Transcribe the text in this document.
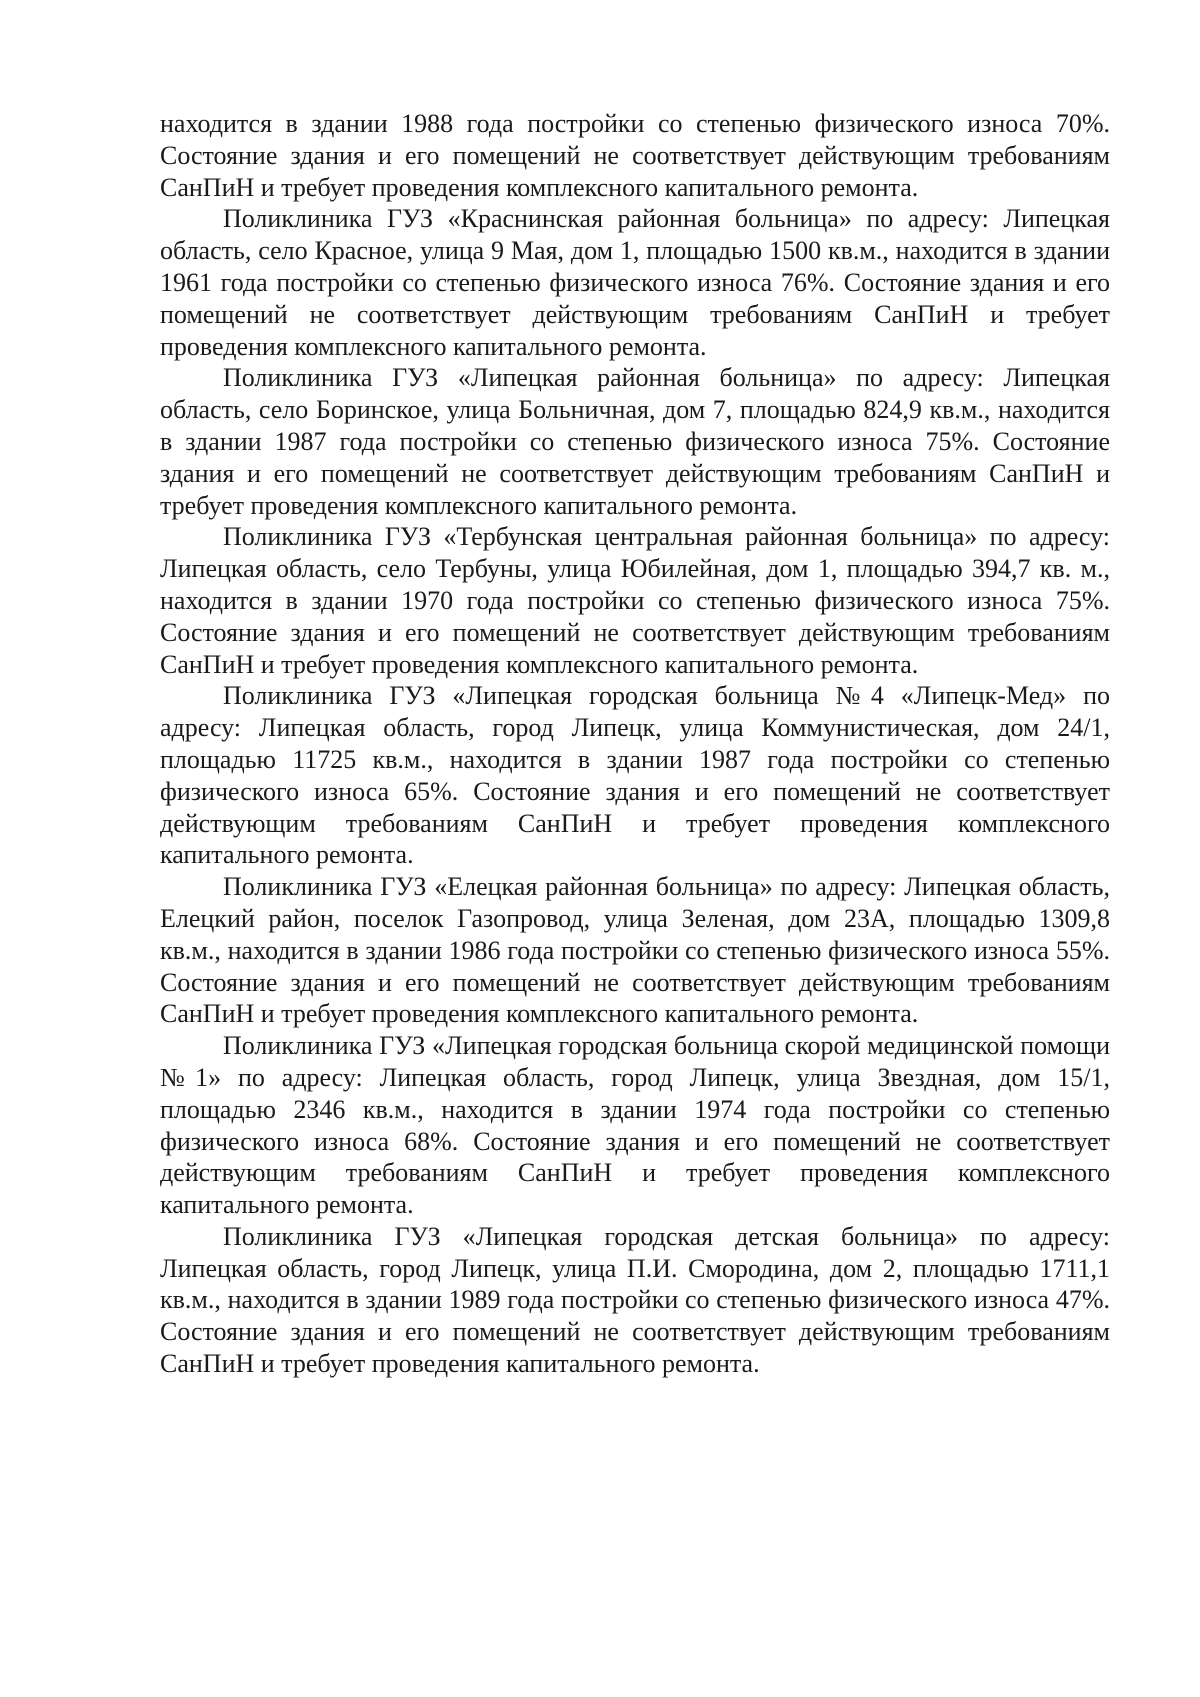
находится в здании 1988 года постройки со степенью физического износа 70%. Состояние здания и его помещений не соответствует действующим требованиям СанПиН и требует проведения комплексного капитального ремонта.

Поликлиника ГУЗ «Краснинская районная больница» по адресу: Липецкая область, село Красное, улица 9 Мая, дом 1, площадью 1500 кв.м., находится в здании 1961 года постройки со степенью физического износа 76%. Состояние здания и его помещений не соответствует действующим требованиям СанПиН и требует проведения комплексного капитального ремонта.

Поликлиника ГУЗ «Липецкая районная больница» по адресу: Липецкая область, село Боринское, улица Больничная, дом 7, площадью 824,9 кв.м., находится в здании 1987 года постройки со степенью физического износа 75%. Состояние здания и его помещений не соответствует действующим требованиям СанПиН и требует проведения комплексного капитального ремонта.

Поликлиника ГУЗ «Тербунская центральная районная больница» по адресу: Липецкая область, село Тербуны, улица Юбилейная, дом 1, площадью 394,7 кв. м., находится в здании 1970 года постройки со степенью физического износа 75%. Состояние здания и его помещений не соответствует действующим требованиям СанПиН и требует проведения комплексного капитального ремонта.

Поликлиника ГУЗ «Липецкая городская больница №4 «Липецк-Мед» по адресу: Липецкая область, город Липецк, улица Коммунистическая, дом 24/1, площадью 11725 кв.м., находится в здании 1987 года постройки со степенью физического износа 65%. Состояние здания и его помещений не соответствует действующим требованиям СанПиН и требует проведения комплексного капитального ремонта.

Поликлиника ГУЗ «Елецкая районная больница» по адресу: Липецкая область, Елецкий район, поселок Газопровод, улица Зеленая, дом 23А, площадью 1309,8 кв.м., находится в здании 1986 года постройки со степенью физического износа 55%. Состояние здания и его помещений не соответствует действующим требованиям СанПиН и требует проведения комплексного капитального ремонта.

Поликлиника ГУЗ «Липецкая городская больница скорой медицинской помощи №1» по адресу: Липецкая область, город Липецк, улица Звездная, дом 15/1, площадью 2346 кв.м., находится в здании 1974 года постройки со степенью физического износа 68%. Состояние здания и его помещений не соответствует действующим требованиям СанПиН и требует проведения комплексного капитального ремонта.

Поликлиника ГУЗ «Липецкая городская детская больница» по адресу: Липецкая область, город Липецк, улица П.И. Смородина, дом 2, площадью 1711,1 кв.м., находится в здании 1989 года постройки со степенью физического износа 47%. Состояние здания и его помещений не соответствует действующим требованиям СанПиН и требует проведения капитального ремонта.
